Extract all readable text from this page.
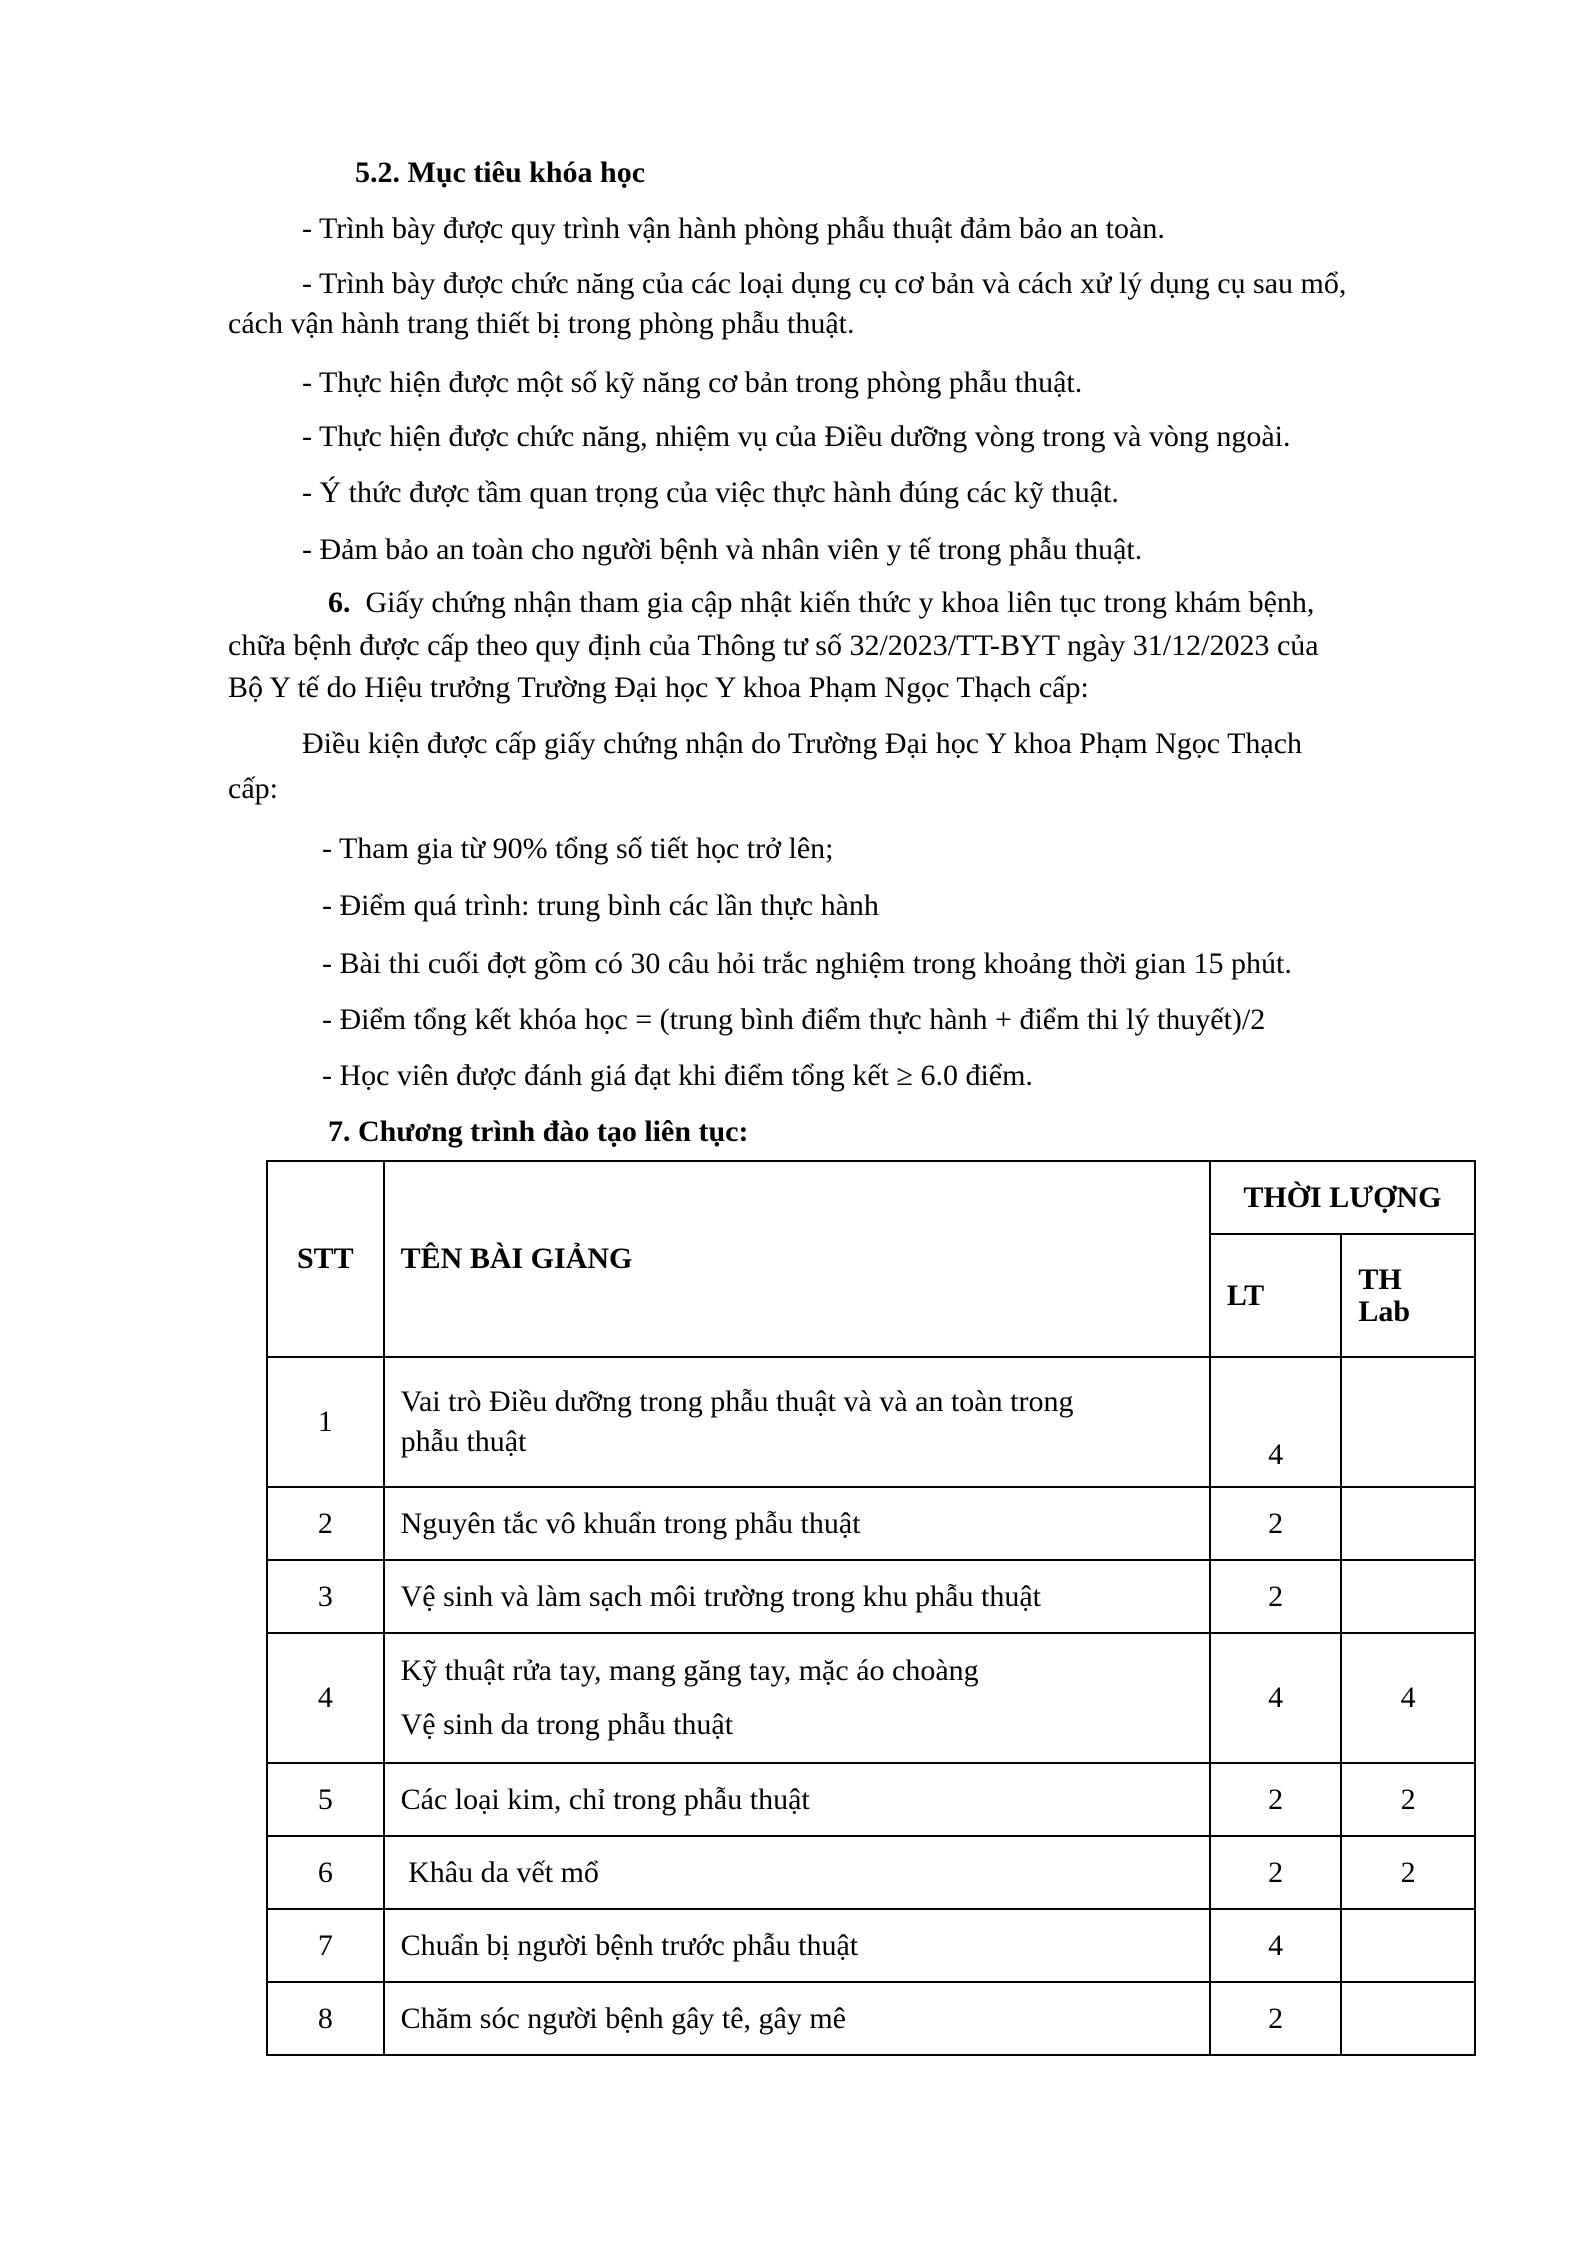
5.2. Mục tiêu khóa học
- Trình bày được quy trình vận hành phòng phẫu thuật đảm bảo an toàn.
- Trình bày được chức năng của các loại dụng cụ cơ bản và cách xử lý dụng cụ sau mổ,
cách vận hành trang thiết bị trong phòng phẫu thuật.
- Thực hiện được một số kỹ năng cơ bản trong phòng phẫu thuật.
- Thực hiện được chức năng, nhiệm vụ của Điều dưỡng vòng trong và vòng ngoài.
- Ý thức được tầm quan trọng của việc thực hành đúng các kỹ thuật.
- Đảm bảo an toàn cho người bệnh và nhân viên y tế trong phẫu thuật.
6. Giấy chứng nhận tham gia cập nhật kiến thức y khoa liên tục trong khám bệnh,
chữa bệnh được cấp theo quy định của Thông tư số 32/2023/TT-BYT ngày 31/12/2023 của
Bộ Y tế do Hiệu trưởng Trường Đại học Y khoa Phạm Ngọc Thạch cấp:
Điều kiện được cấp giấy chứng nhận do Trường Đại học Y khoa Phạm Ngọc Thạch
cấp:
- Tham gia từ 90% tổng số tiết học trở lên;
- Điểm quá trình: trung bình các lần thực hành
- Bài thi cuối đợt gồm có 30 câu hỏi trắc nghiệm trong khoảng thời gian 15 phút.
- Điểm tổng kết khóa học = (trung bình điểm thực hành + điểm thi lý thuyết)/2
- Học viên được đánh giá đạt khi điểm tổng kết ≥ 6.0 điểm.
7. Chương trình đào tạo liên tục:
STT	TÊN BÀI GIẢNG	THỜI LƯỢNG	
		LT	TH
Lab
1	Vai trò Điều dưỡng trong phẫu thuật và và an toàn trong
phẫu thuật	4	
2	Nguyên tắc vô khuẩn trong phẫu thuật	2	
3	Vệ sinh và làm sạch môi trường trong khu phẫu thuật	2	
4	Kỹ thuật rửa tay, mang găng tay, mặc áo choàng
Vệ sinh da trong phẫu thuật	4	4
5	Các loại kim, chỉ trong phẫu thuật	2	2
6	Khâu da vết mổ	2	2
7	Chuẩn bị người bệnh trước phẫu thuật	4	
8	Chăm sóc người bệnh gây tê, gây mê	2	
